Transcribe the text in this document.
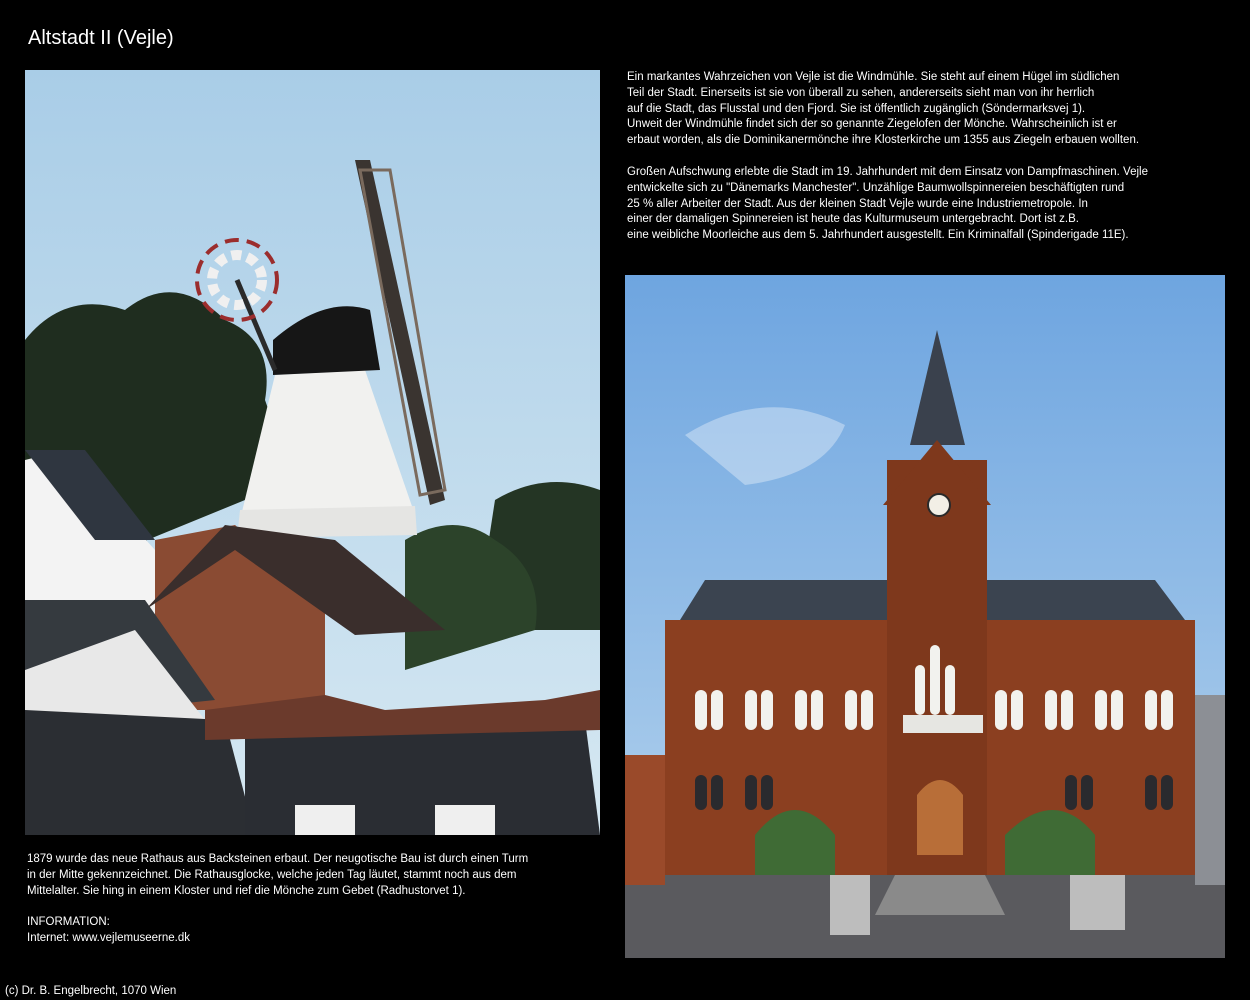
Altstadt II (Vejle)
Ein markantes Wahrzeichen von Vejle ist die Windmühle. Sie steht auf einem Hügel im südlichen
Teil der Stadt. Einerseits ist sie von überall zu sehen, andererseits sieht man von ihr herrlich
auf die Stadt, das Flusstal und den Fjord. Sie ist öffentlich zugänglich (Söndermarksvej 1).
Unweit der Windmühle findet sich der so genannte Ziegelofen der Mönche. Wahrscheinlich ist er
erbaut worden, als die Dominikanermönche ihre Klosterkirche um 1355 aus Ziegeln erbauen wollten.
Großen Aufschwung erlebte die Stadt im 19. Jahrhundert mit dem Einsatz von Dampfmaschinen. Vejle
entwickelte sich zu "Dänemarks Manchester". Unzählige Baumwollspinnereien beschäftigten rund
25 % aller Arbeiter der Stadt. Aus der kleinen Stadt Vejle wurde eine Industriemetropole. In
einer der damaligen Spinnereien ist heute das Kulturmuseum untergebracht. Dort ist z.B.
eine weibliche Moorleiche aus dem 5. Jahrhundert ausgestellt. Ein Kriminalfall (Spinderigade 11E).
1879 wurde das neue Rathaus aus Backsteinen erbaut. Der neugotische Bau ist durch einen Turm
in der Mitte gekennzeichnet. Die Rathausglocke, welche jeden Tag läutet, stammt noch aus dem
Mittelalter. Sie hing in einem Kloster und rief die Mönche zum Gebet (Radhustorvet 1).
INFORMATION:
Internet: www.vejlemuseerne.dk
(c) Dr. B. Engelbrecht, 1070 Wien
